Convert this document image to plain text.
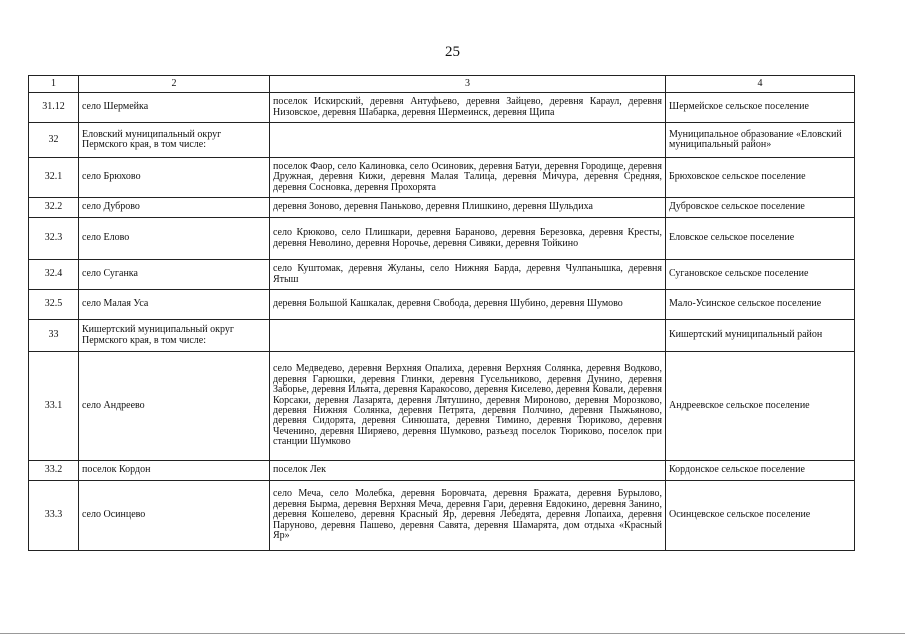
25
1	2	3	4
31.12	село Шермейка	поселок Искирский, деревня Антуфьево, деревня Зайцево, деревня Караул, деревня Низовское, деревня Шабарка, деревня Шермеинск, деревня Щипа	Шермейское сельское поселение
32	Еловский муниципальный округ Пермского края, в том числе:		Муниципальное образование «Еловский муниципальный район»
32.1	село Брюхово	поселок Фаор, село Калиновка, село Осиновик, деревня Батуи, деревня Городище, деревня Дружная, деревня Кижи, деревня Малая Талица, деревня Мичура, деревня Средняя, деревня Сосновка, деревня Прохорята	Брюховское сельское поселение
32.2	село Дуброво	деревня Зоново, деревня Паньково, деревня Плишкино, деревня Шульдиха	Дубровское сельское поселение
32.3	село Елово	село Крюково, село Плишкари, деревня Бараново, деревня Березовка, деревня Кресты, деревня Неволино, деревня Норочье, деревня Сивяки, деревня Тойкино	Еловское сельское поселение
32.4	село Суганка	село Куштомак, деревня Жуланы, село Нижняя Барда, деревня Чулпанышка, деревня Ятыш	Сугановское сельское поселение
32.5	село Малая Уса	деревня Большой Кашкалак, деревня Свобода, деревня Шубино, деревня Шумово	Мало-Усинское сельское поселение
33	Кишертский муниципальный округ Пермского края, в том числе:		Кишертский муниципальный район
33.1	село Андреево	село Медведево, деревня Верхняя Опалиха, деревня Верхняя Солянка, деревня Водково, деревня Гарюшки, деревня Глинки, деревня Гусельниково, деревня Дунино, деревня Заборье, деревня Ильята, деревня Каракосово, деревня Киселево, деревня Ковали, деревня Корсаки, деревня Лазарята, деревня Лятушино, деревня Мироново, деревня Морозково, деревня Нижняя Солянка, деревня Петрята, деревня Полчино, деревня Пыжьяново, деревня Сидорята, деревня Синюшата, деревня Тимино, деревня Тюриково, деревня Чеченино, деревня Ширяево, деревня Шумково, разъезд поселок Тюриково, поселок при станции Шумково	Андреевское сельское поселение
33.2	поселок Кордон	поселок Лек	Кордонское сельское поселение
33.3	село Осинцево	село Меча, село Молебка, деревня Боровчата, деревня Бражата, деревня Бурылово, деревня Бырма, деревня Верхняя Меча, деревня Гари, деревня Евдокино, деревня Занино, деревня Кошелево, деревня Красный Яр, деревня Лебедята, деревня Лопаиха, деревня Паруново, деревня Пашево, деревня Савята, деревня Шамарята, дом отдыха «Красный Яр»	Осинцевское сельское поселение
